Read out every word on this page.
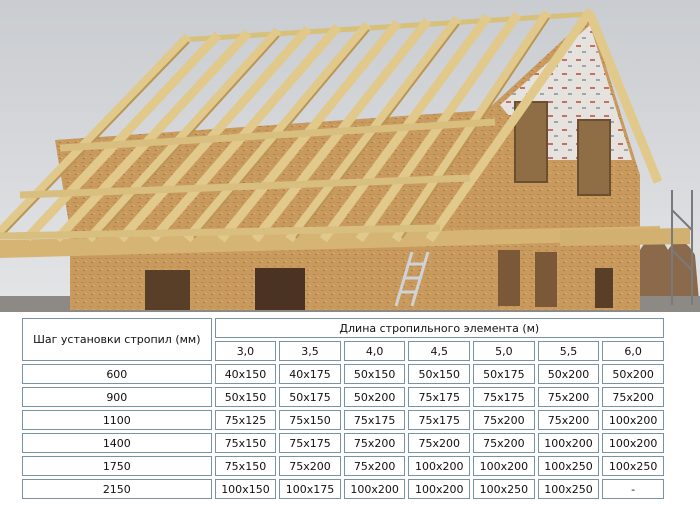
Шаг установки стропил (мм)	Длина стропильного элемента (м)						
	3,0	3,5	4,0	4,5	5,0	5,5	6,0
600	40х150	40х175	50х150	50х150	50х175	50х200	50х200
900	50х150	50х175	50х200	75х175	75х175	75х200	75х200
1100	75х125	75х150	75х175	75х175	75х200	75х200	100х200
1400	75х150	75х175	75х200	75х200	75х200	100х200	100х200
1750	75х150	75х200	75х200	100х200	100х200	100х250	100х250
2150	100х150	100х175	100х200	100х200	100х250	100х250	-
